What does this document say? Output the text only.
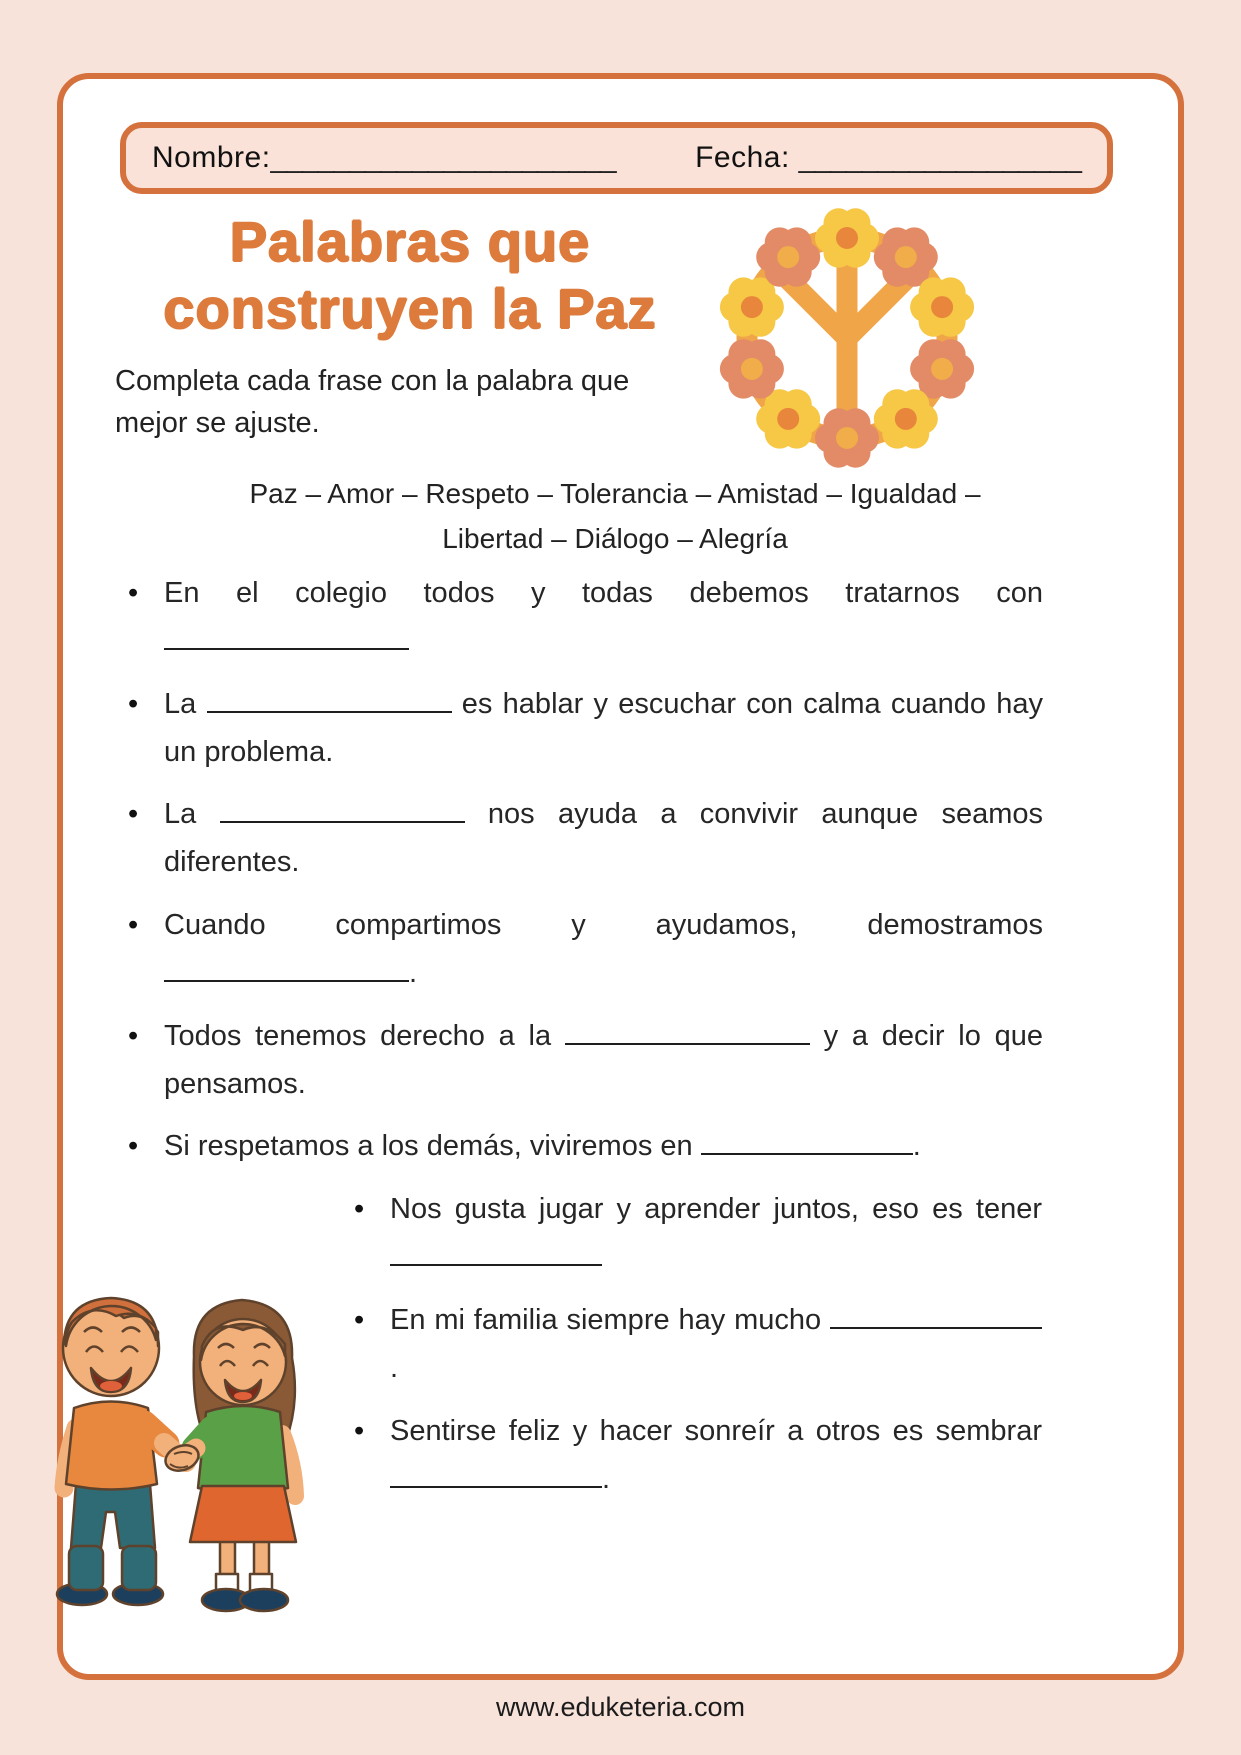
Nombre:______________________	Fecha: __________________
Palabras que
construyen la Paz
Completa cada frase con la palabra que mejor se ajuste.
Paz – Amor – Respeto – Tolerancia – Amistad – Igualdad –
Libertad – Diálogo – Alegría
• En el colegio todos y todas debemos tratarnos con
• La	es hablar y escuchar con calma cuando hay un problema.
• La	nos ayuda a convivir aunque seamos diferentes.
• Cuando compartimos y ayudamos, demostramos .
• Todos tenemos derecho a la	y a decir lo que pensamos.
• Si respetamos a los demás, viviremos en	.
• Nos gusta jugar y aprender juntos, eso es tener
• En mi familia siempre hay mucho .
• Sentirse feliz y hacer sonreír a otros es sembrar .
www.eduketeria.com
